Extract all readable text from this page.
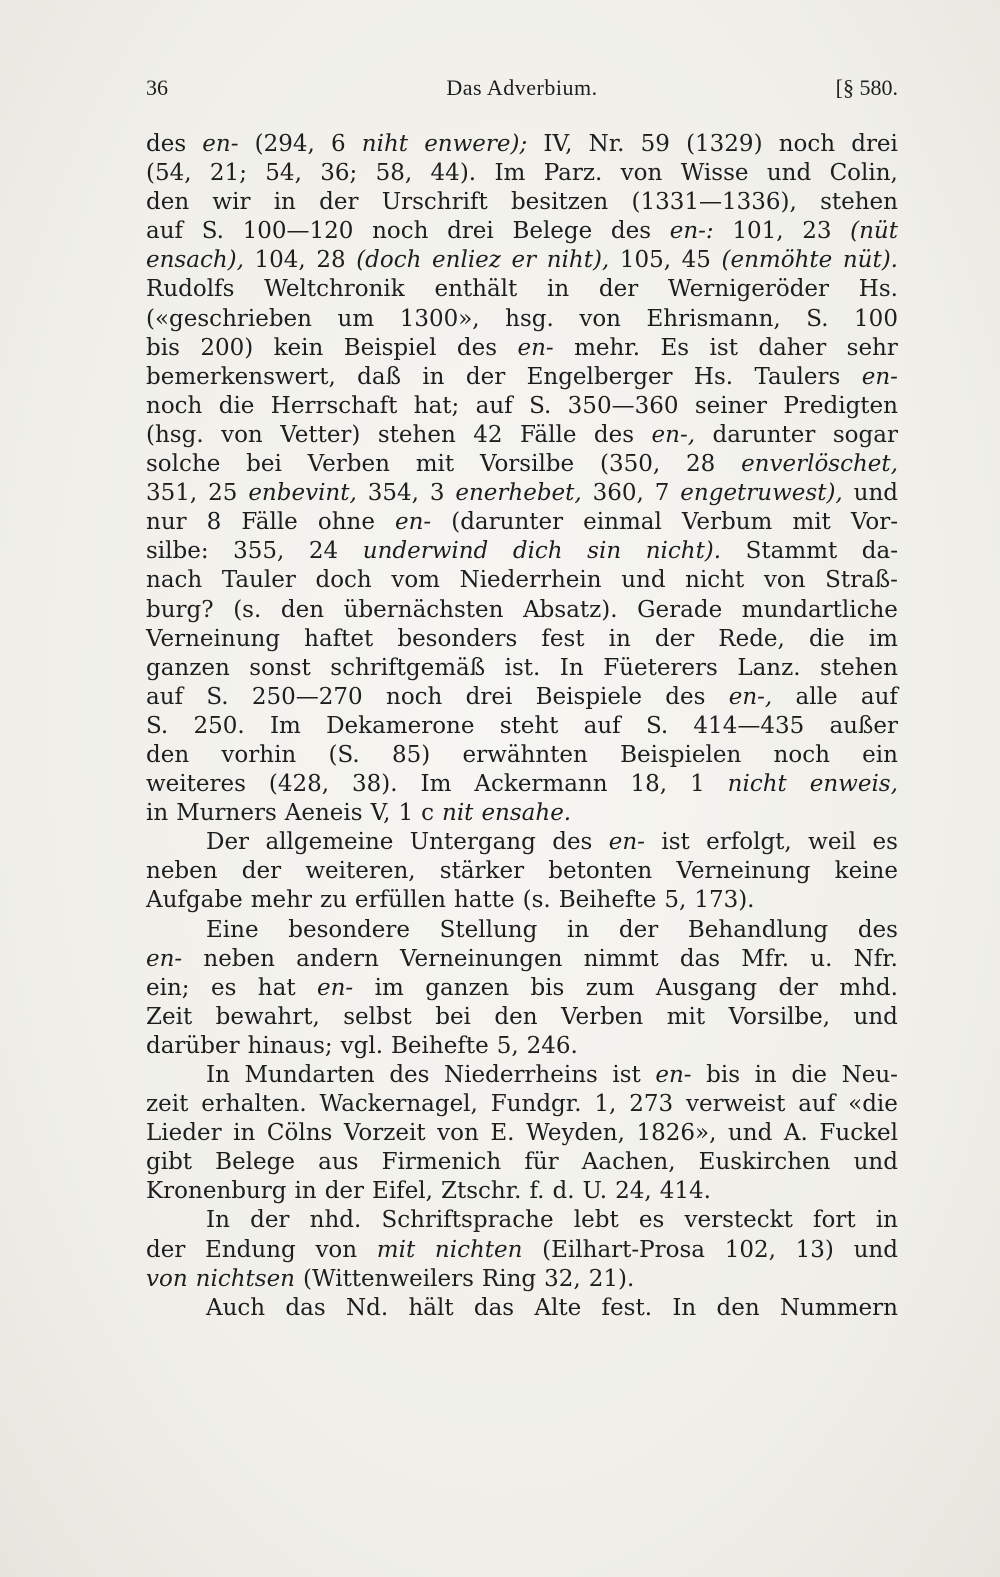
36	Das Adverbium.	[§ 580.
des en- (294, 6 niht enwere); IV, Nr. 59 (1329) noch drei
(54, 21; 54, 36; 58, 44). Im Parz. von Wisse und Colin,
den wir in der Urschrift besitzen (1331—1336), stehen
auf S. 100—120 noch drei Belege des en-: 101, 23 (nüt
ensach), 104, 28 (doch enliez er niht), 105, 45 (enmöhte nüt).
Rudolfs Weltchronik enthält in der Wernigeröder Hs.
(«geschrieben um 1300», hsg. von Ehrismann, S. 100
bis 200) kein Beispiel des en- mehr. Es ist daher sehr
bemerkenswert, daß in der Engelberger Hs. Taulers en-
noch die Herrschaft hat; auf S. 350—360 seiner Predigten
(hsg. von Vetter) stehen 42 Fälle des en-, darunter sogar
solche bei Verben mit Vorsilbe (350, 28 enverlöschet,
351, 25 enbevint, 354, 3 enerhebet, 360, 7 engetruwest), und
nur 8 Fälle ohne en- (darunter einmal Verbum mit Vor-
silbe: 355, 24 underwind dich sin nicht). Stammt da-
nach Tauler doch vom Niederrhein und nicht von Straß-
burg? (s. den übernächsten Absatz). Gerade mundartliche
Verneinung haftet besonders fest in der Rede, die im
ganzen sonst schriftgemäß ist. In Füeterers Lanz. stehen
auf S. 250—270 noch drei Beispiele des en-, alle auf
S. 250. Im Dekamerone steht auf S. 414—435 außer
den vorhin (S. 85) erwähnten Beispielen noch ein
weiteres (428, 38). Im Ackermann 18, 1 nicht enweis,
in Murners Aeneis V, 1 c nit ensahe.
Der allgemeine Untergang des en- ist erfolgt, weil es
neben der weiteren, stärker betonten Verneinung keine
Aufgabe mehr zu erfüllen hatte (s. Beihefte 5, 173).
Eine besondere Stellung in der Behandlung des
en- neben andern Verneinungen nimmt das Mfr. u. Nfr.
ein; es hat en- im ganzen bis zum Ausgang der mhd.
Zeit bewahrt, selbst bei den Verben mit Vorsilbe, und
darüber hinaus; vgl. Beihefte 5, 246.
In Mundarten des Niederrheins ist en- bis in die Neu-
zeit erhalten. Wackernagel, Fundgr. 1, 273 verweist auf «die
Lieder in Cölns Vorzeit von E. Weyden, 1826», und A. Fuckel
gibt Belege aus Firmenich für Aachen, Euskirchen und
Kronenburg in der Eifel, Ztschr. f. d. U. 24, 414.
In der nhd. Schriftsprache lebt es versteckt fort in
der Endung von mit nichten (Eilhart-Prosa 102, 13) und
von nichtsen (Wittenweilers Ring 32, 21).
Auch das Nd. hält das Alte fest. In den Nummern
